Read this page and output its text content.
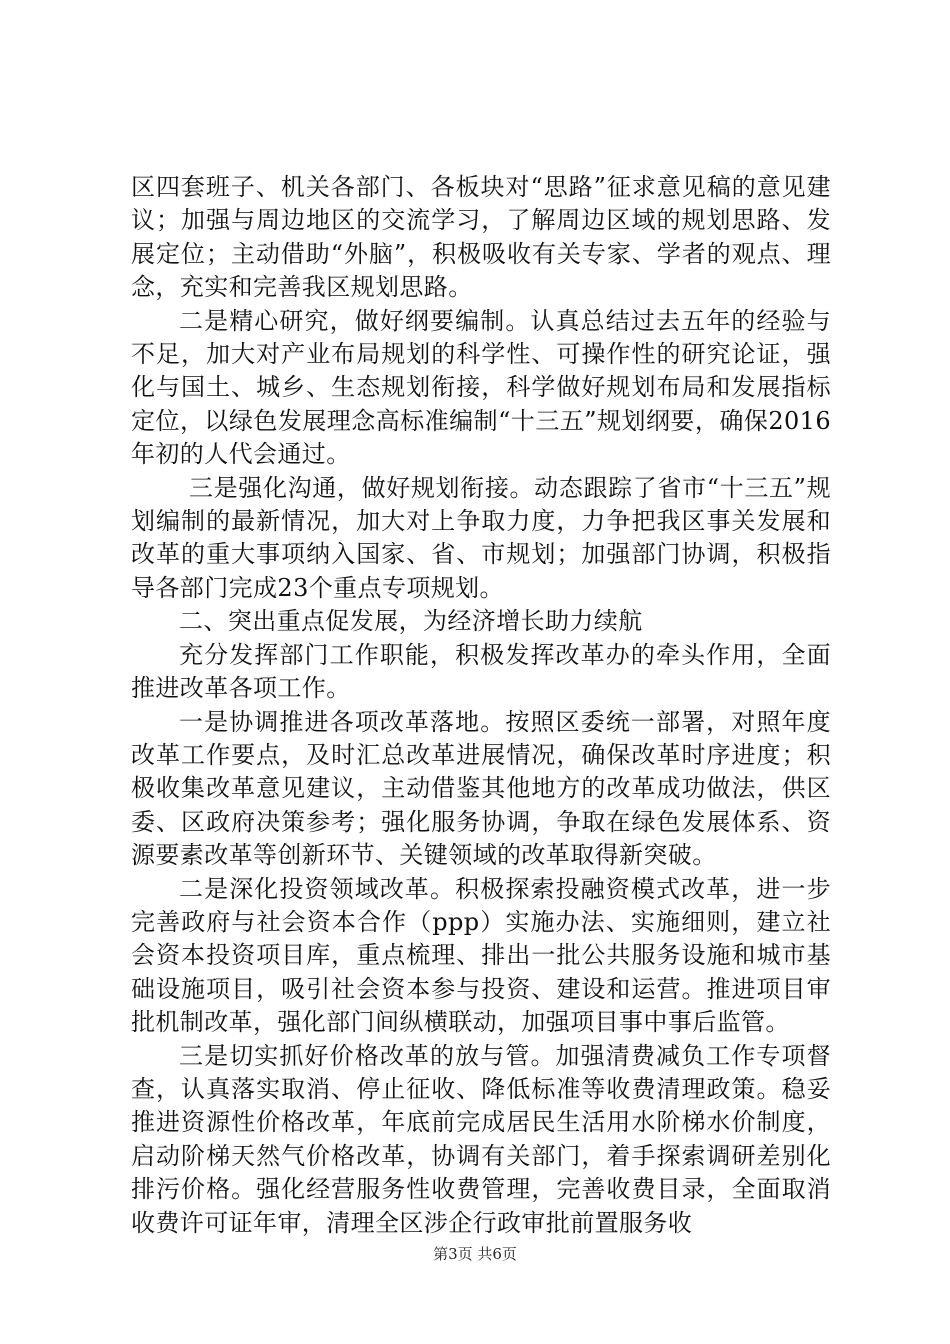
区四套班子、机关各部门、各板块对“思路”征求意见稿的意见建议；加强与周边地区的交流学习，了解周边区域的规划思路、发展定位；主动借助“外脑”，积极吸收有关专家、学者的观点、理念，充实和完善我区规划思路。

二是精心研究，做好纲要编制。认真总结过去五年的经验与不足，加大对产业布局规划的科学性、可操作性的研究论证，强化与国土、城乡、生态规划衔接，科学做好规划布局和发展指标定位，以绿色发展理念高标准编制“十三五”规划纲要，确保2016年初的人代会通过。

三是强化沟通，做好规划衔接。动态跟踪了省市“十三五”规划编制的最新情况，加大对上争取力度，力争把我区事关发展和改革的重大事项纳入国家、省、市规划；加强部门协调，积极指导各部门完成23个重点专项规划。

二、突出重点促发展，为经济增长助力续航

充分发挥部门工作职能，积极发挥改革办的牵头作用，全面推进改革各项工作。

一是协调推进各项改革落地。按照区委统一部署，对照年度改革工作要点，及时汇总改革进展情况，确保改革时序进度；积极收集改革意见建议，主动借鉴其他地方的改革成功做法，供区委、区政府决策参考；强化服务协调，争取在绿色发展体系、资源要素改革等创新环节、关键领域的改革取得新突破。

二是深化投资领域改革。积极探索投融资模式改革，进一步完善政府与社会资本合作（ppp）实施办法、实施细则，建立社会资本投资项目库，重点梳理、排出一批公共服务设施和城市基础设施项目，吸引社会资本参与投资、建设和运营。推进项目审批机制改革，强化部门间纵横联动，加强项目事中事后监管。

三是切实抓好价格改革的放与管。加强清费减负工作专项督查，认真落实取消、停止征收、降低标准等收费清理政策。稳妥推进资源性价格改革，年底前完成居民生活用水阶梯水价制度，启动阶梯天然气价格改革，协调有关部门，着手探索调研差别化排污价格。强化经营服务性收费管理，完善收费目录，全面取消收费许可证年审，清理全区涉企行政审批前置服务收

第3页 共6页
